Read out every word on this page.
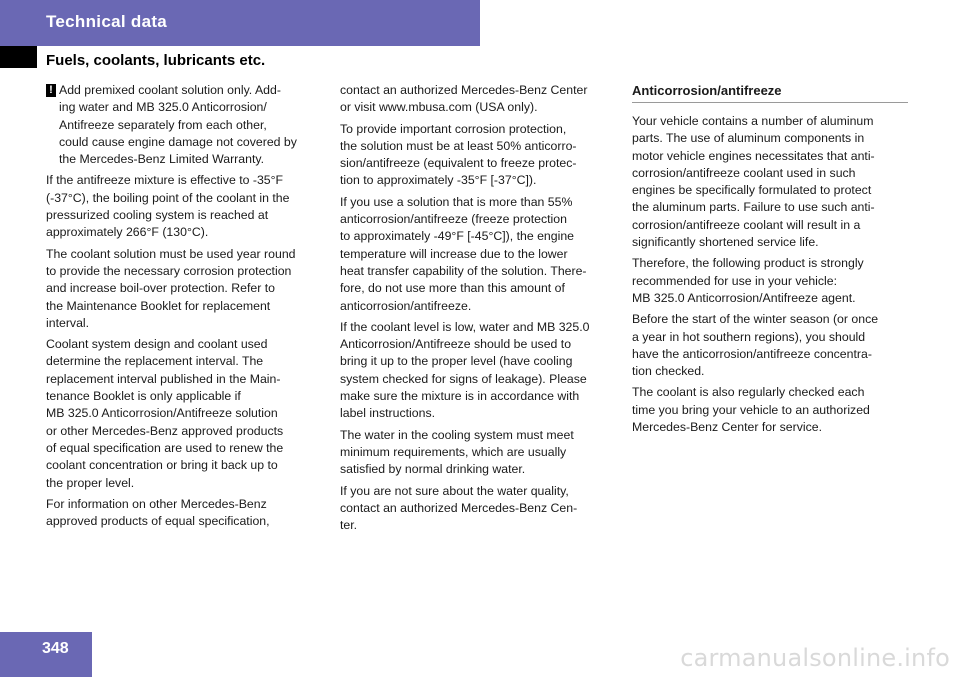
Technical data
Fuels, coolants, lubricants etc.
! Add premixed coolant solution only. Add-
ing water and MB 325.0 Anticorrosion/
Antifreeze separately from each other,
could cause engine damage not covered by
the Mercedes-Benz Limited Warranty.

If the antifreeze mixture is effective to -35°F
(-37°C), the boiling point of the coolant in the
pressurized cooling system is reached at
approximately 266°F (130°C).

The coolant solution must be used year round
to provide the necessary corrosion protection
and increase boil-over protection. Refer to
the Maintenance Booklet for replacement
interval.

Coolant system design and coolant used
determine the replacement interval. The
replacement interval published in the Main-
tenance Booklet is only applicable if
MB 325.0 Anticorrosion/Antifreeze solution
or other Mercedes-Benz approved products
of equal specification are used to renew the
coolant concentration or bring it back up to
the proper level.

For information on other Mercedes-Benz
approved products of equal specification,

contact an authorized Mercedes-Benz Center
or visit www.mbusa.com (USA only).

To provide important corrosion protection,
the solution must be at least 50% anticorro-
sion/antifreeze (equivalent to freeze protec-
tion to approximately -35°F [-37°C]).

If you use a solution that is more than 55%
anticorrosion/antifreeze (freeze protection
to approximately -49°F [-45°C]), the engine
temperature will increase due to the lower
heat transfer capability of the solution. There-
fore, do not use more than this amount of
anticorrosion/antifreeze.

If the coolant level is low, water and MB 325.0
Anticorrosion/Antifreeze should be used to
bring it up to the proper level (have cooling
system checked for signs of leakage). Please
make sure the mixture is in accordance with
label instructions.

The water in the cooling system must meet
minimum requirements, which are usually
satisfied by normal drinking water.

If you are not sure about the water quality,
contact an authorized Mercedes-Benz Cen-
ter.

Anticorrosion/antifreeze

Your vehicle contains a number of aluminum
parts. The use of aluminum components in
motor vehicle engines necessitates that anti-
corrosion/antifreeze coolant used in such
engines be specifically formulated to protect
the aluminum parts. Failure to use such anti-
corrosion/antifreeze coolant will result in a
significantly shortened service life.

Therefore, the following product is strongly
recommended for use in your vehicle:
MB 325.0 Anticorrosion/Antifreeze agent.

Before the start of the winter season (or once
a year in hot southern regions), you should
have the anticorrosion/antifreeze concentra-
tion checked.

The coolant is also regularly checked each
time you bring your vehicle to an authorized
Mercedes-Benz Center for service.

348	carmanualsonline.info
